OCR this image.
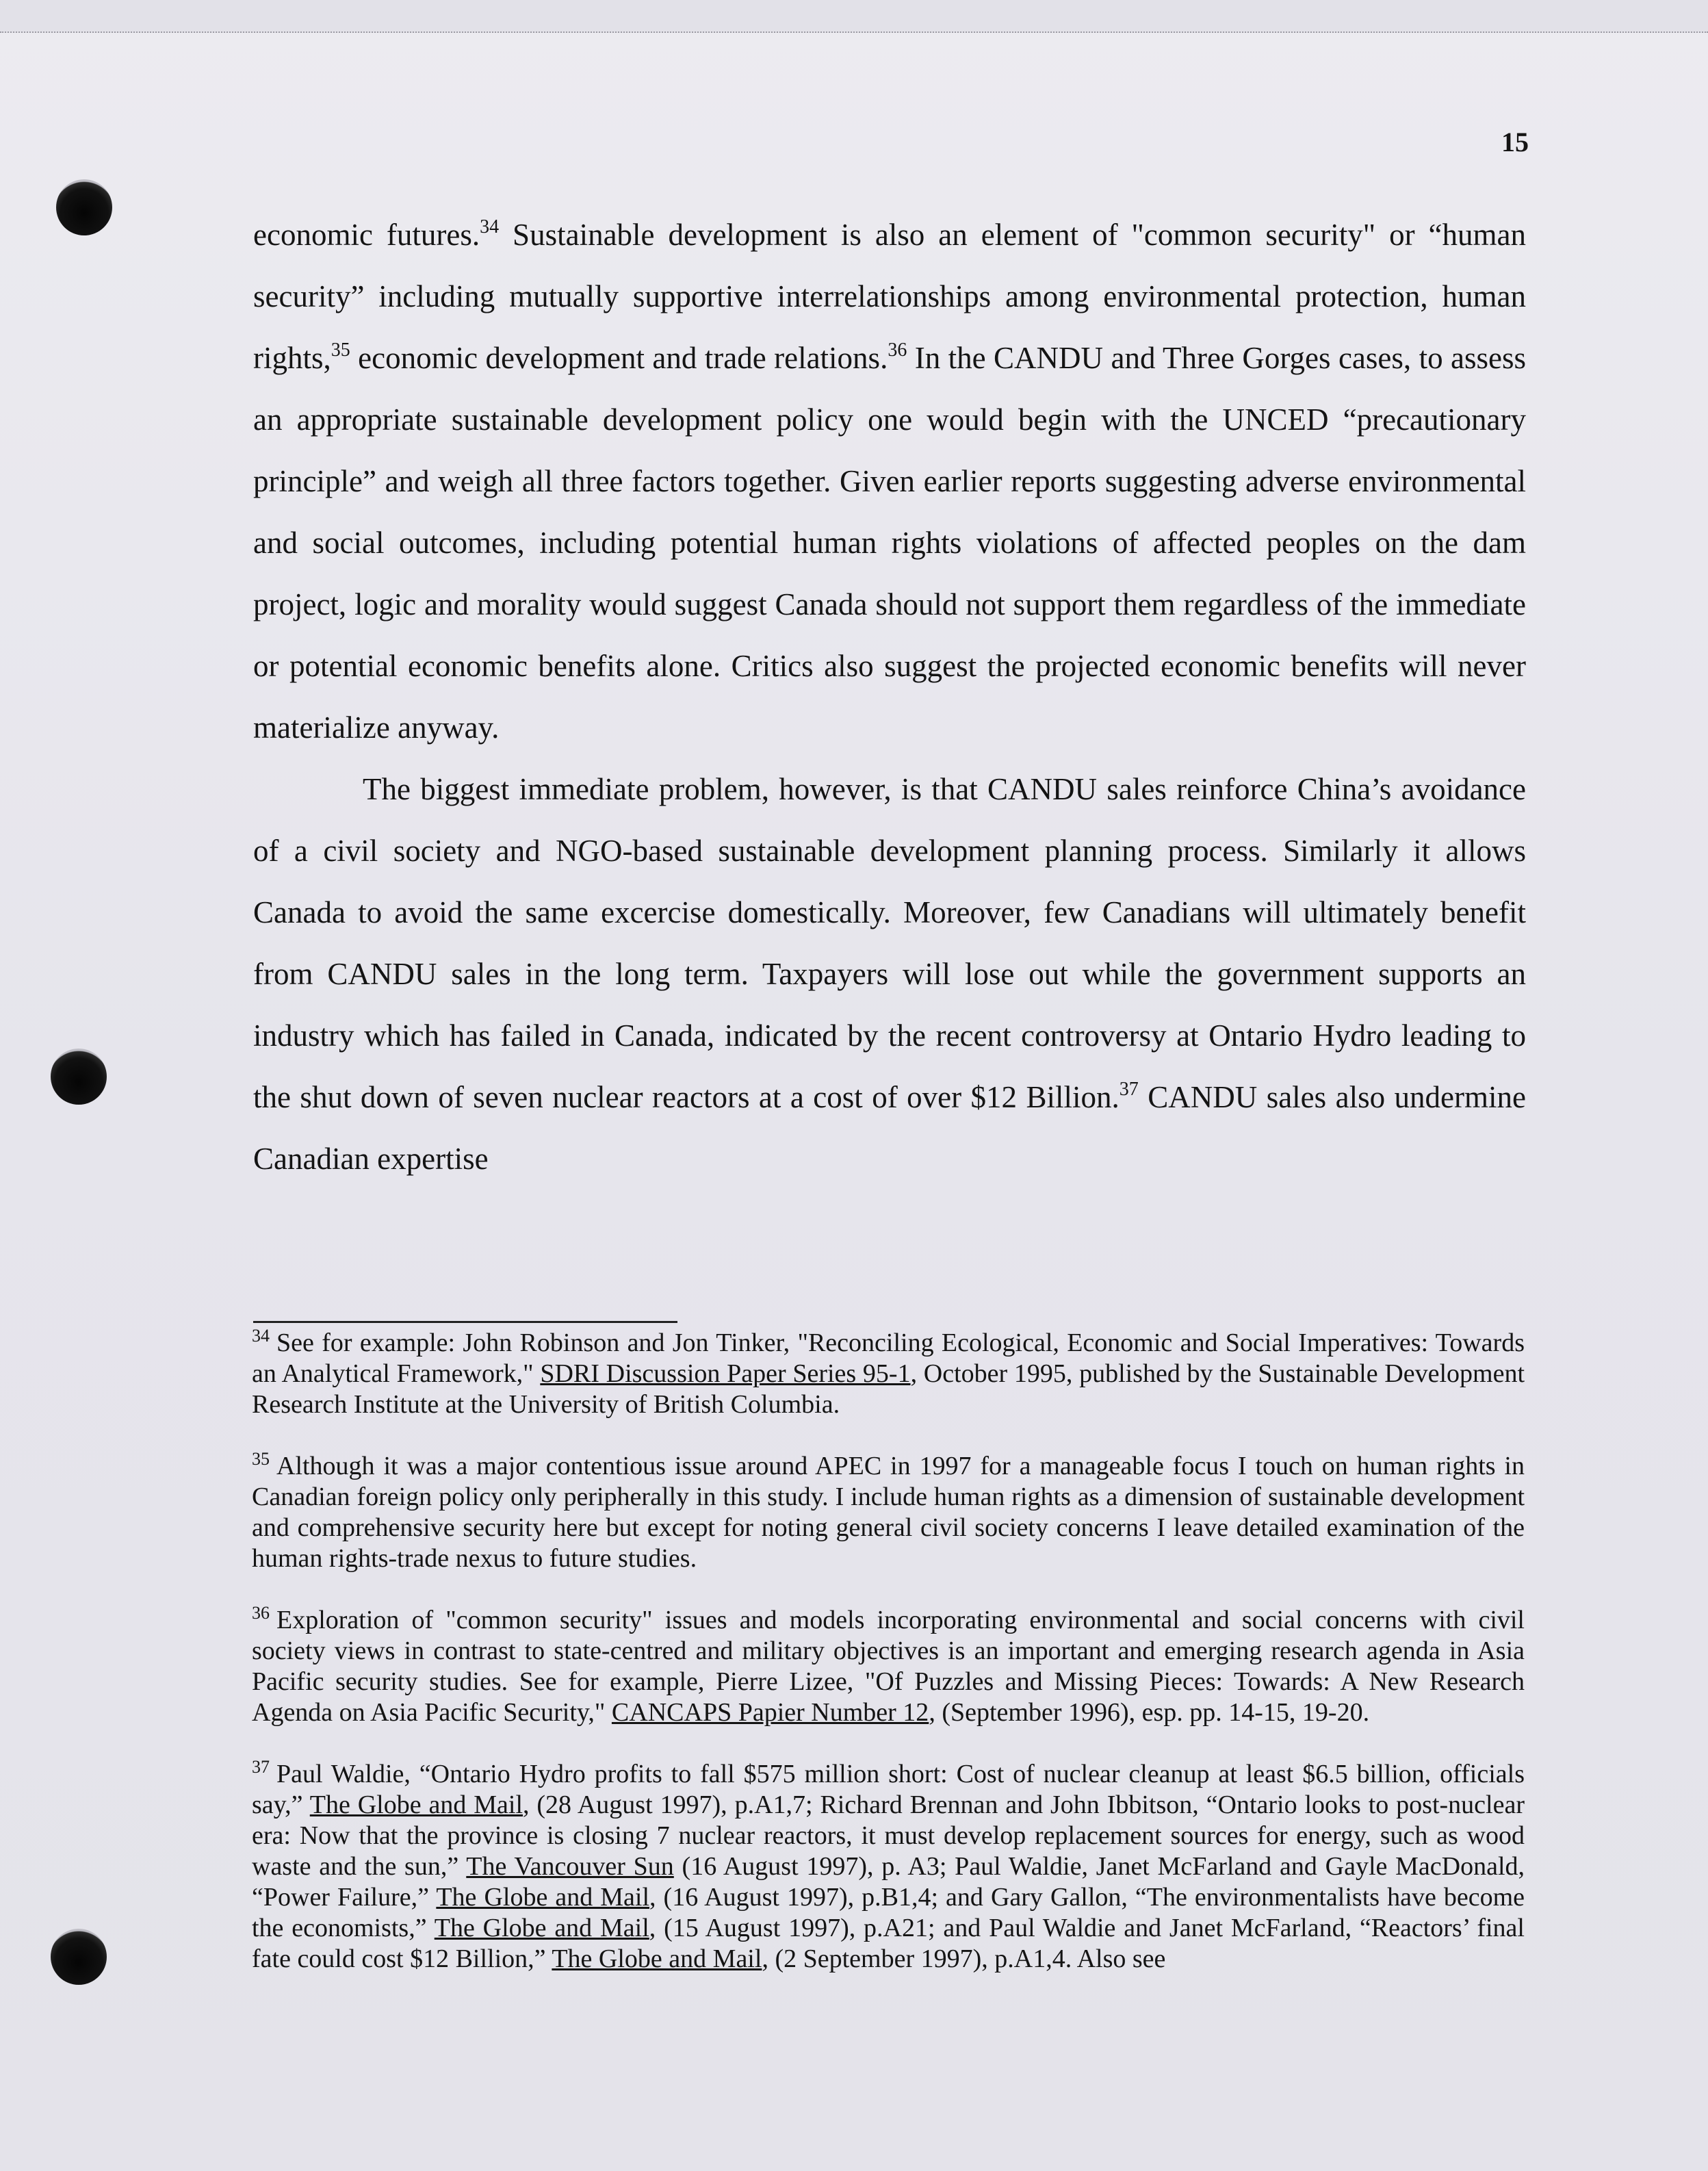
15

economic futures.$^{34}$ Sustainable development is also an element of "common security" or “human security” including mutually supportive interrelationships among environmental protection, human rights,$^{35}$ economic development and trade relations.$^{36}$ In the CANDU and Three Gorges cases, to assess an appropriate sustainable development policy one would begin with the UNCED “precautionary principle” and weigh all three factors together. Given earlier reports suggesting adverse environmental and social outcomes, including potential human rights violations of affected peoples on the dam project, logic and morality would suggest Canada should not support them regardless of the immediate or potential economic benefits alone. Critics also suggest the projected economic benefits will never materialize anyway.

The biggest immediate problem, however, is that CANDU sales reinforce China’s avoidance of a civil society and NGO-based sustainable development planning process. Similarly it allows Canada to avoid the same excercise domestically. Moreover, few Canadians will ultimately benefit from CANDU sales in the long term. Taxpayers will lose out while the government supports an industry which has failed in Canada, indicated by the recent controversy at Ontario Hydro leading to the shut down of seven nuclear reactors at a cost of over $12 Billion.$^{37}$ CANDU sales also undermine Canadian expertise

$^{34}$ See for example: John Robinson and Jon Tinker, "Reconciling Ecological, Economic and Social Imperatives: Towards an Analytical Framework," SDRI Discussion Paper Series 95-1, October 1995, published by the Sustainable Development Research Institute at the University of British Columbia.

$^{35}$ Although it was a major contentious issue around APEC in 1997 for a manageable focus I touch on human rights in Canadian foreign policy only peripherally in this study. I include human rights as a dimension of sustainable development and comprehensive security here but except for noting general civil society concerns I leave detailed examination of the human rights-trade nexus to future studies.

$^{36}$ Exploration of "common security" issues and models incorporating environmental and social concerns with civil society views in contrast to state-centred and military objectives is an important and emerging research agenda in Asia Pacific security studies. See for example, Pierre Lizee, "Of Puzzles and Missing Pieces: Towards: A New Research Agenda on Asia Pacific Security," CANCAPS Papier Number 12, (September 1996), esp. pp. 14-15, 19-20.

$^{37}$ Paul Waldie, “Ontario Hydro profits to fall $575 million short: Cost of nuclear cleanup at least $6.5 billion, officials say,” The Globe and Mail, (28 August 1997), p.A1,7; Richard Brennan and John Ibbitson, “Ontario looks to post-nuclear era: Now that the province is closing 7 nuclear reactors, it must develop replacement sources for energy, such as wood waste and the sun,” The Vancouver Sun (16 August 1997), p. A3; Paul Waldie, Janet McFarland and Gayle MacDonald, “Power Failure,” The Globe and Mail, (16 August 1997), p.B1,4; and Gary Gallon, “The environmentalists have become the economists,” The Globe and Mail, (15 August 1997), p.A21; and Paul Waldie and Janet McFarland, “Reactors’ final fate could cost $12 Billion,” The Globe and Mail, (2 September 1997), p.A1,4. Also see
